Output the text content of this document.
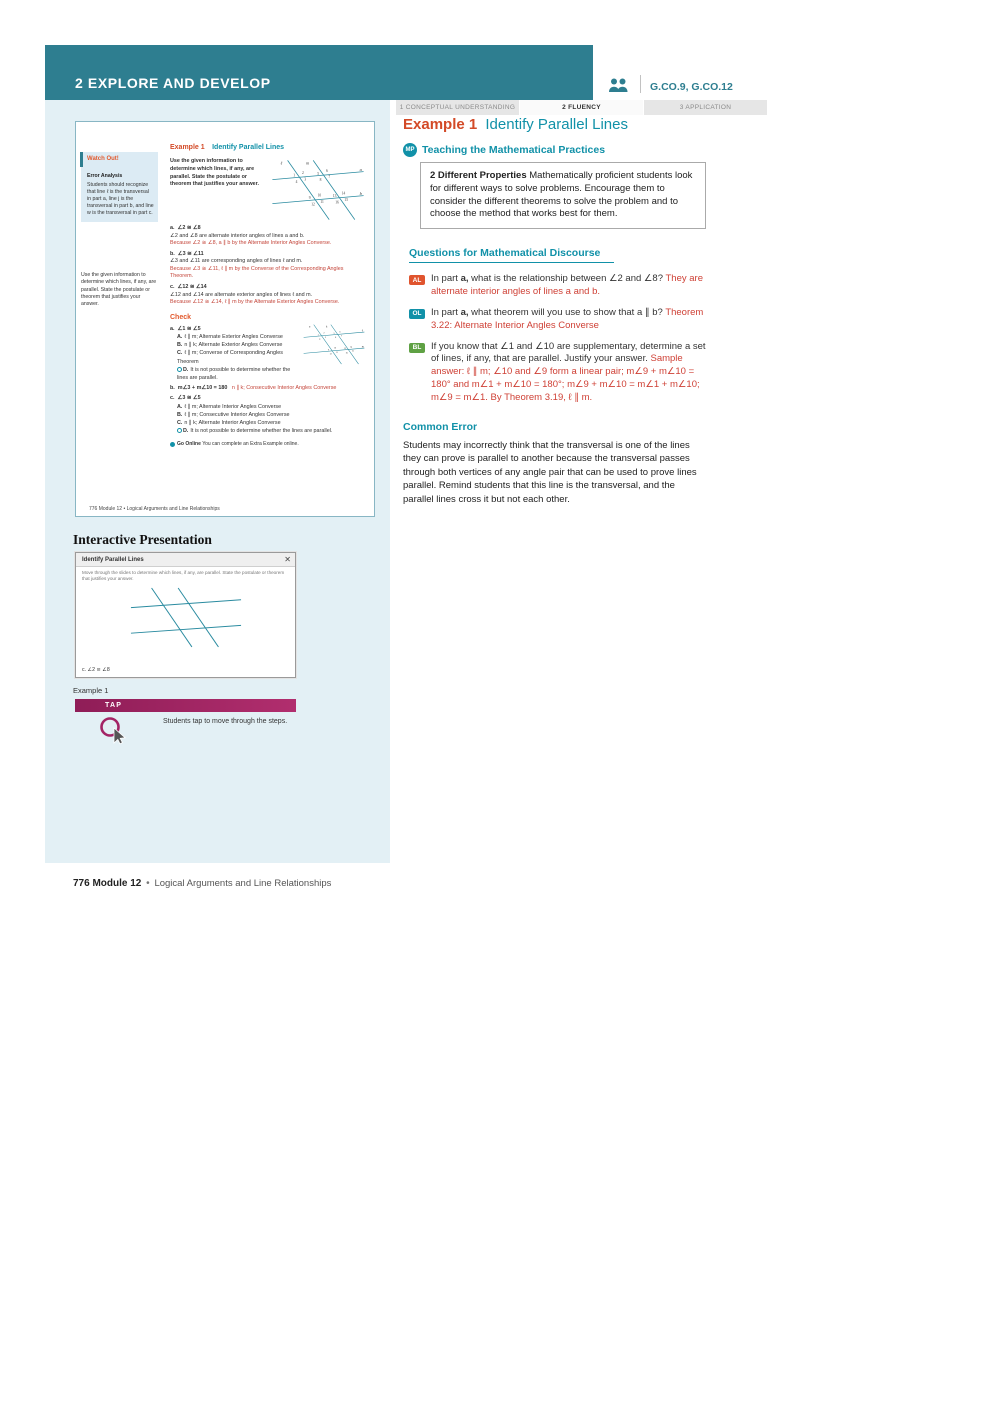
2 EXPLORE AND DEVELOP	G.CO.9, G.CO.12
1 CONCEPTUAL UNDERSTANDING	2 FLUENCY	3 APPLICATION
Watch Out!
Error Analysis
Students should recognize that line ℓ is the transversal in part a, line j is the transversal in part b, and line w is the transversal in part c.
Use the given information to determine which lines, if any, are parallel. State the postulate or theorem that justifies your answer.
Example 1 Identify Parallel Lines
Use the given information to determine which lines, if any, are parallel. State the postulate or theorem that justifies your answer.
ℓ	m
a
b
1
2
3
4
5
6
7
8
9
10
11
12
13
14
15
16
a. ∠2 ≅ ∠8
∠2 and ∠8 are alternate interior angles of lines a and b.
Because ∠2 ≅ ∠8, a ∥ b by the Alternate Interior Angles Converse.
b. ∠3 ≅ ∠11
∠3 and ∠11 are corresponding angles of lines ℓ and m.
Because ∠3 ≅ ∠11, ℓ ∥ m by the Converse of the Corresponding Angles Theorem.
c. ∠12 ≅ ∠14
∠12 and ∠14 are alternate exterior angles of lines ℓ and m.
Because ∠12 ≅ ∠14, ℓ ∥ m by the Alternate Exterior Angles Converse.
Check
a. ∠1 ≅ ∠5
A. ℓ ∥ m; Alternate Exterior Angles Converse
B. n ∥ k; Alternate Exterior Angles Converse
C. ℓ ∥ m; Converse of Corresponding Angles Theorem
D. It is not possible to determine whether the lines are parallel.
n	k
ℓ
m
1
2
3
4
5
6
7
8
9
10
11
12
13
14
15
16
b. m∠3 + m∠10 = 180 n ∥ k; Consecutive Interior Angles Converse
c. ∠3 ≅ ∠5
A. ℓ ∥ m; Alternate Interior Angles Converse
B. ℓ ∥ m; Consecutive Interior Angles Converse
C. n ∥ k; Alternate Interior Angles Converse
D. It is not possible to determine whether the lines are parallel.
Go Online You can complete an Extra Example online.
776 Module 12 • Logical Arguments and Line Relationships
Interactive Presentation
Identify Parallel Lines	✕
Move through the slides to determine which lines, if any, are parallel. State the postulate or theorem that justifies your answer.
c. ∠2 ≅ ∠8
Example 1
TAP
Students tap to move through the steps.
Example 1 Identify Parallel Lines
MP Teaching the Mathematical Practices
2 Different Properties Mathematically proficient students look for different ways to solve problems. Encourage them to consider the different theorems to solve the problem and to choose the method that works best for them.
Questions for Mathematical Discourse
AL	In part a, what is the relationship between ∠2 and ∠8? They are alternate interior angles of lines a and b.
OL In part a, what theorem will you use to show that a ∥ b? Theorem 3.22: Alternate Interior Angles Converse
BL	If you know that ∠1 and ∠10 are supplementary, determine a set of lines, if any, that are parallel. Justify your answer. Sample answer: ℓ ∥ m; ∠10 and ∠9 form a linear pair; m∠9 + m∠10 = 180° and m∠1 + m∠10 = 180°; m∠9 + m∠10 = m∠1 + m∠10; m∠9 = m∠1. By Theorem 3.19, ℓ ∥ m.
Common Error

Students may incorrectly think that the transversal is one of the lines they can prove is parallel to another because the transversal passes through both vertices of any angle pair that can be used to prove lines parallel. Remind students that this line is the transversal, and the parallel lines cross it but not each other.

776 Module 12 • Logical Arguments and Line Relationships
